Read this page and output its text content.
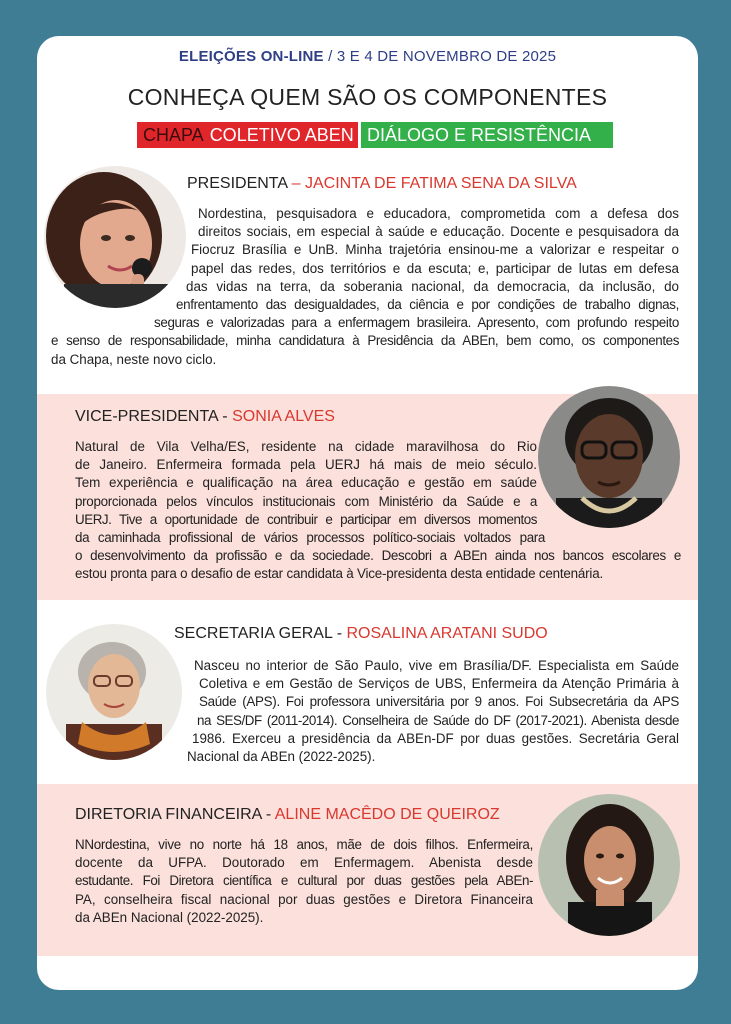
ELEIÇÕES ON-LINE / 3 E 4 DE NOVEMBRO DE 2025
CONHEÇA QUEM SÃO OS COMPONENTES
CHAPA COLETIVO ABEN DIÁLOGO E RESISTÊNCIA
PRESIDENTA – JACINTA DE FATIMA SENA DA SILVA

Nordestina, pesquisadora e educadora, comprometida com a defesa dos

direitos sociais, em especial à saúde e educação. Docente e pesquisadora da

Fiocruz Brasília e UnB. Minha trajetória ensinou-me a valorizar e respeitar o

papel das redes, dos territórios e da escuta; e, participar de lutas em defesa

das vidas na terra, da soberania nacional, da democracia, da inclusão, do

enfrentamento das desigualdades, da ciência e por condições de trabalho dignas,

seguras e valorizadas para a enfermagem brasileira. Apresento, com profundo respeito

e senso de responsabilidade, minha candidatura à Presidência da ABEn, bem como, os componentes

da Chapa, neste novo ciclo.

VICE-PRESIDENTA - SONIA ALVES

Natural de Vila Velha/ES, residente na cidade maravilhosa do Rio

de Janeiro. Enfermeira formada pela UERJ há mais de meio século.

Tem experiência e qualificação na área educação e gestão em saúde

proporcionada pelos vínculos institucionais com Ministério da Saúde e a

UERJ. Tive a oportunidade de contribuir e participar em diversos momentos

da caminhada profissional de vários processos político-sociais voltados para

o desenvolvimento da profissão e da sociedade. Descobri a ABEn ainda nos bancos escolares e

estou pronta para o desafio de estar candidata à Vice-presidenta desta entidade centenária.

SECRETARIA GERAL - ROSALINA ARATANI SUDO

Nasceu no interior de São Paulo, vive em Brasília/DF. Especialista em Saúde

Coletiva e em Gestão de Serviços de UBS, Enfermeira da Atenção Primária à

Saúde (APS). Foi professora universitária por 9 anos. Foi Subsecretária da APS

na SES/DF (2011-2014). Conselheira de Saúde do DF (2017-2021). Abenista desde

1986. Exerceu a presidência da ABEn-DF por duas gestões. Secretária Geral

Nacional da ABEn (2022-2025).

DIRETORIA FINANCEIRA - ALINE MACÊDO DE QUEIROZ

NNordestina, vive no norte há 18 anos, mãe de dois filhos. Enfermeira,

docente da UFPA. Doutorado em Enfermagem. Abenista desde

estudante. Foi Diretora científica e cultural por duas gestões pela ABEn-

PA, conselheira fiscal nacional por duas gestões e Diretora Financeira

da ABEn Nacional (2022-2025).
